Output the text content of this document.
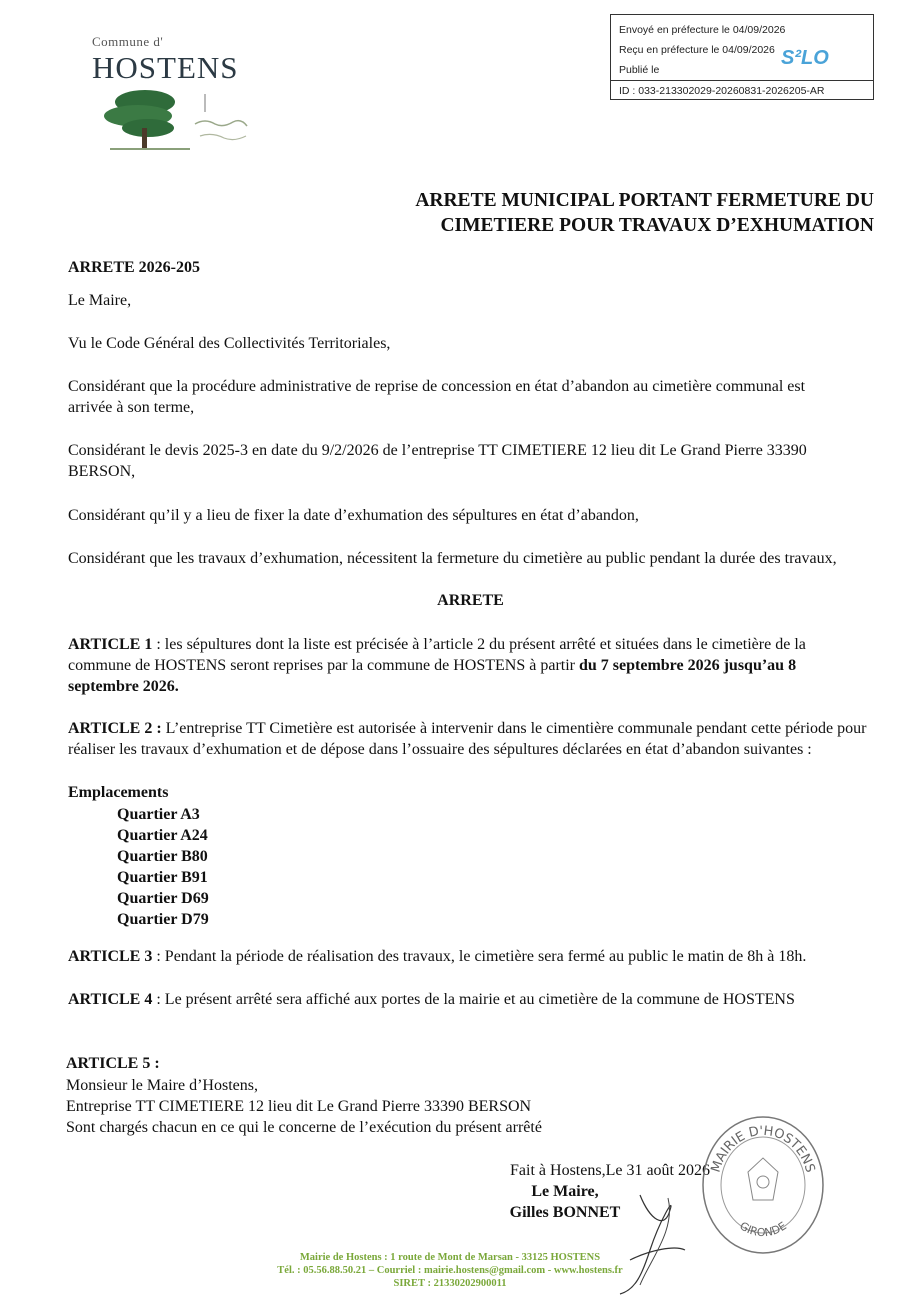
Commune d'
HOSTENS
Envoyé en préfecture le 04/09/2026
Reçu en préfecture le 04/09/2026
Publié le
ID : 033-213302029-20260831-2026205-AR
S²LO
ARRETE MUNICIPAL PORTANT FERMETURE DU
CIMETIERE POUR TRAVAUX D’EXHUMATION
ARRETE 2026-205
Le Maire,
Vu le Code Général des Collectivités Territoriales,
Considérant que la procédure administrative de reprise de concession en état d’abandon au cimetière communal est arrivée à son terme,
Considérant le devis 2025-3 en date du 9/2/2026 de l’entreprise TT CIMETIERE 12 lieu dit Le Grand Pierre 33390 BERSON,
Considérant qu’il y a lieu de fixer la date d’exhumation des sépultures en état d’abandon,
Considérant que les travaux d’exhumation, nécessitent la fermeture du cimetière au public pendant la durée des travaux,
ARRETE
ARTICLE 1 : les sépultures dont la liste est précisée à l’article 2 du présent arrêté et situées dans le cimetière de la commune de HOSTENS seront reprises par la commune de HOSTENS à partir du 7 septembre 2026 jusqu’au 8 septembre 2026.
ARTICLE 2 : L’entreprise TT Cimetière est autorisée à intervenir dans le cimentière communale pendant cette période pour réaliser les travaux d’exhumation et de dépose dans l’ossuaire des sépultures déclarées en état d’abandon suivantes :
Emplacements
Quartier A3
Quartier A24
Quartier B80
Quartier B91
Quartier D69
Quartier D79
ARTICLE 3 : Pendant la période de réalisation des travaux, le cimetière sera fermé au public le matin de 8h à 18h.
ARTICLE 4 : Le présent arrêté sera affiché aux portes de la mairie et au cimetière de la commune de HOSTENS
ARTICLE 5 :
Monsieur le Maire d’Hostens,
Entreprise TT CIMETIERE 12 lieu dit Le Grand Pierre 33390 BERSON
Sont chargés chacun en ce qui le concerne de l’exécution du présent arrêté
Fait à Hostens,Le 31 août 2026
Le Maire,
Gilles BONNET
MAIRIE D'HOSTENS
GIRONDE
Mairie de Hostens : 1 route de Mont de Marsan - 33125 HOSTENS
Tél. : 05.56.88.50.21 – Courriel : mairie.hostens@gmail.com - www.hostens.fr
SIRET : 21330202900011
